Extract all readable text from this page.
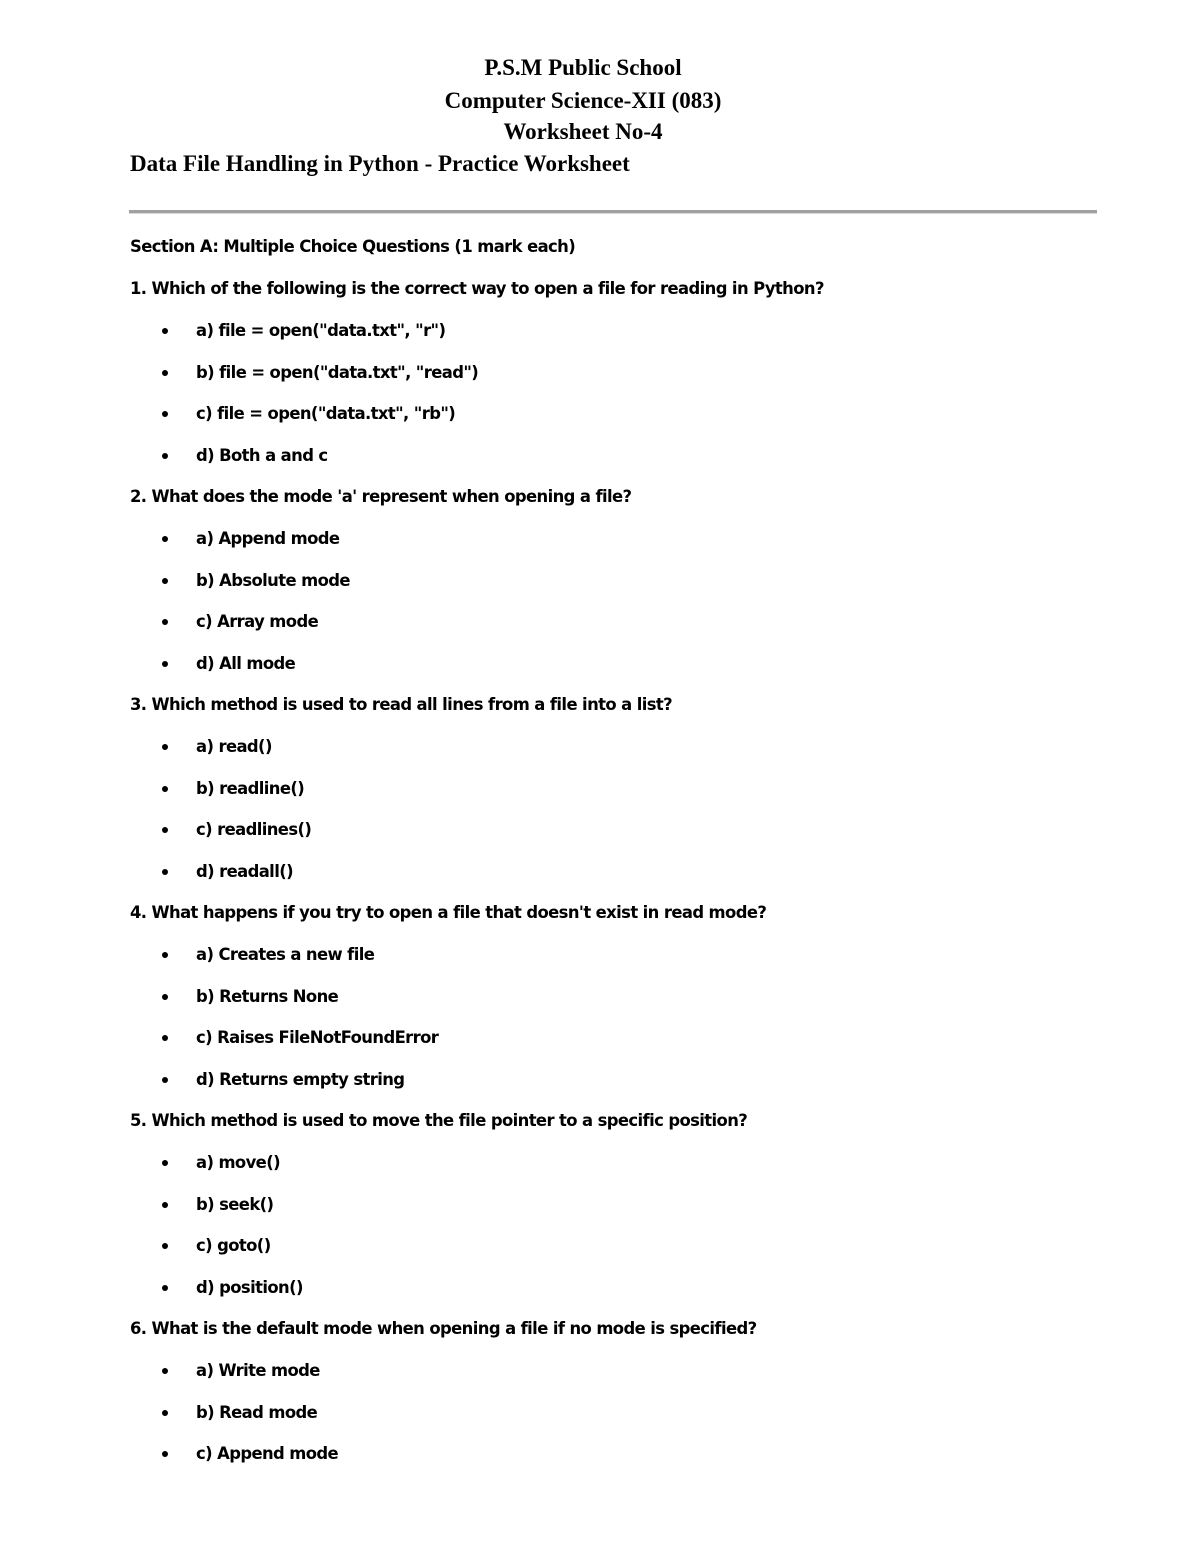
P.S.M Public School

Computer Science-XII (083)

Worksheet No-4

Data File Handling in Python - Practice Worksheet

Section A: Multiple Choice Questions (1 mark each)
1. Which of the following is the correct way to open a file for reading in Python?
a) file = open("data.txt", "r")
b) file = open("data.txt", "read")
c) file = open("data.txt", "rb")
d) Both a and c
2. What does the mode 'a' represent when opening a file?
a) Append mode
b) Absolute mode
c) Array mode
d) All mode
3. Which method is used to read all lines from a file into a list?
a) read()
b) readline()
c) readlines()
d) readall()
4. What happens if you try to open a file that doesn't exist in read mode?
a) Creates a new file
b) Returns None
c) Raises FileNotFoundError
d) Returns empty string
5. Which method is used to move the file pointer to a specific position?
a) move()
b) seek()
c) goto()
d) position()
6. What is the default mode when opening a file if no mode is specified?
a) Write mode
b) Read mode
c) Append mode
